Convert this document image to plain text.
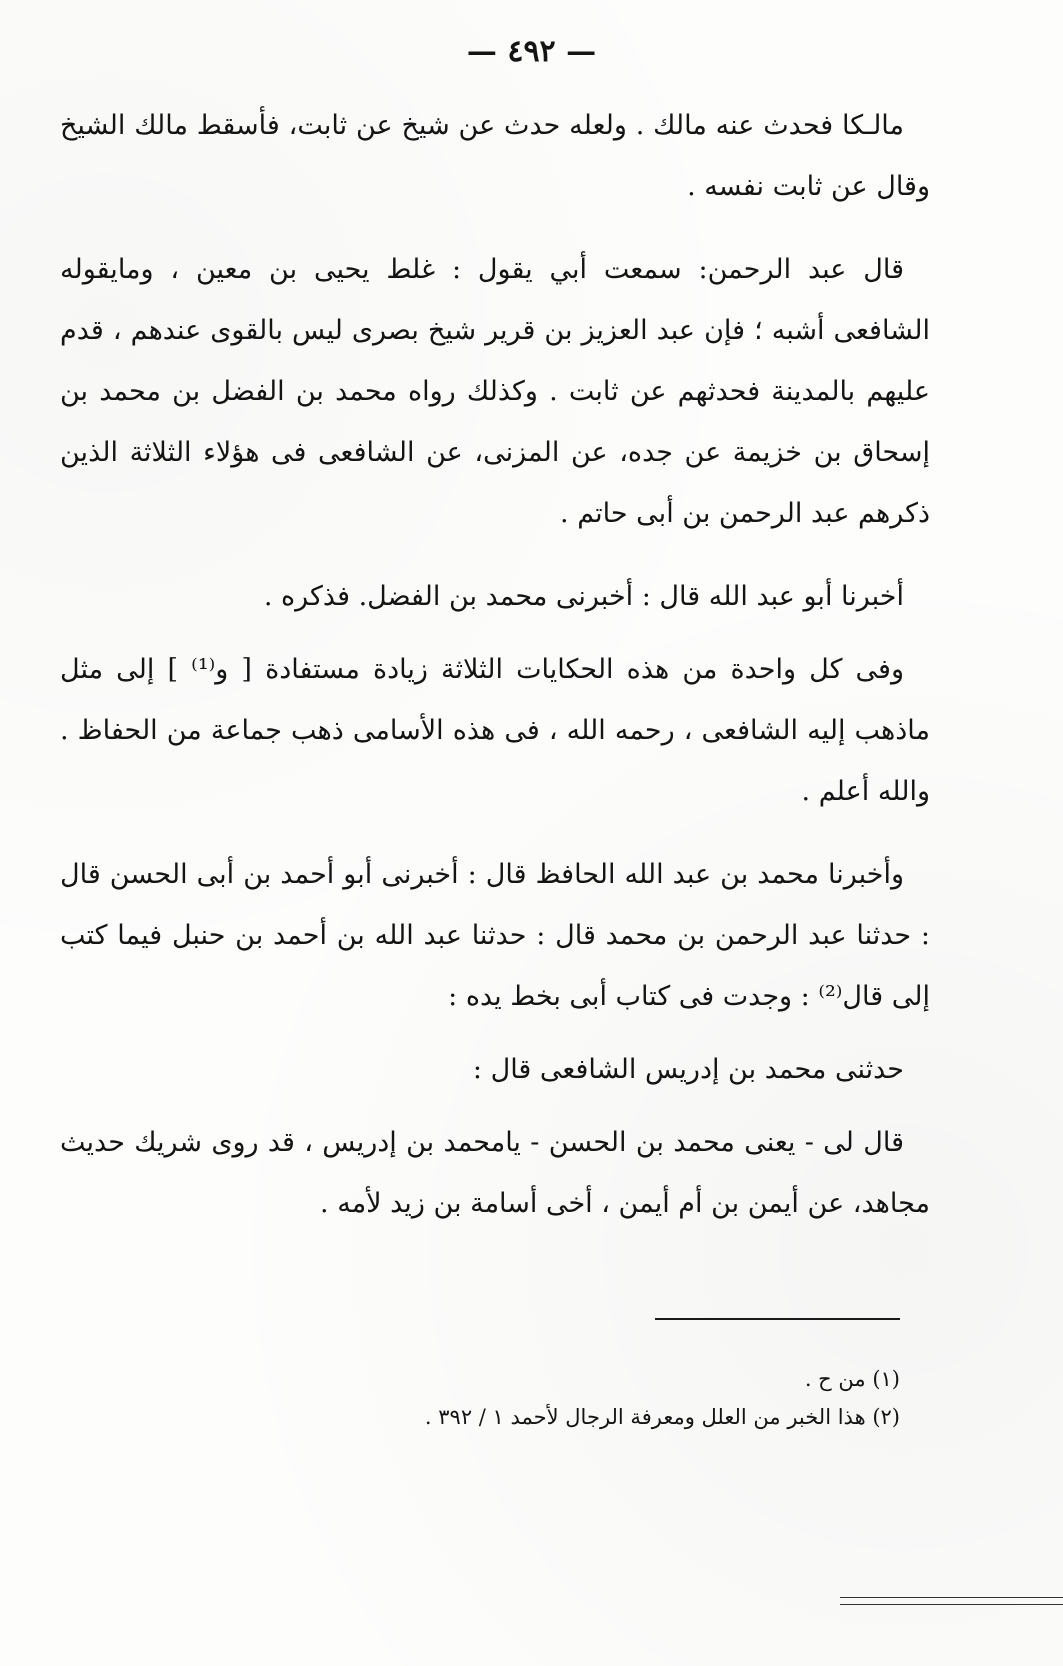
— ٤٩٢ —

مالـكا فحدث عنه مالك . ولعله حدث عن شيخ عن ثابت، فأسقط مالك الشيخ وقال عن ثابت نفسه .

قال عبد الرحمن: سمعت أبي يقول : غلط يحيى بن معين ، ومايقوله الشافعى أشبه ؛ فإن عبد العزيز بن قرير شيخ بصرى ليس بالقوى عندهم ، قدم عليهم بالمدينة فحدثهم عن ثابت . وكذلك رواه محمد بن الفضل بن محمد بن إسحاق بن خزيمة عن جده، عن المزنى، عن الشافعى فى هؤلاء الثلاثة الذين ذكرهم عبد الرحمن بن أبى حاتم .

أخبرنا أبو عبد الله قال : أخبرنى محمد بن الفضل. فذكره .

وفى كل واحدة من هذه الحكايات الثلاثة زيادة مستفادة [ و⁽¹⁾ ] إلى مثل ماذهب إليه الشافعى ، رحمه الله ، فى هذه الأسامى ذهب جماعة من الحفاظ . والله أعلم .

وأخبرنا محمد بن عبد الله الحافظ قال : أخبرنى أبو أحمد بن أبى الحسن قال : حدثنا عبد الرحمن بن محمد قال : حدثنا عبد الله بن أحمد بن حنبل فيما كتب إلى قال⁽²⁾ : وجدت فى كتاب أبى بخط يده :

حدثنى محمد بن إدريس الشافعى قال :

قال لى - يعنى محمد بن الحسن - يامحمد بن إدريس ، قد روى شريك حديث مجاهد، عن أيمن بن أم أيمن ، أخى أسامة بن زيد لأمه .

(١) من ح .

(٢) هذا الخبر من العلل ومعرفة الرجال لأحمد ١ / ٣٩٢ .
